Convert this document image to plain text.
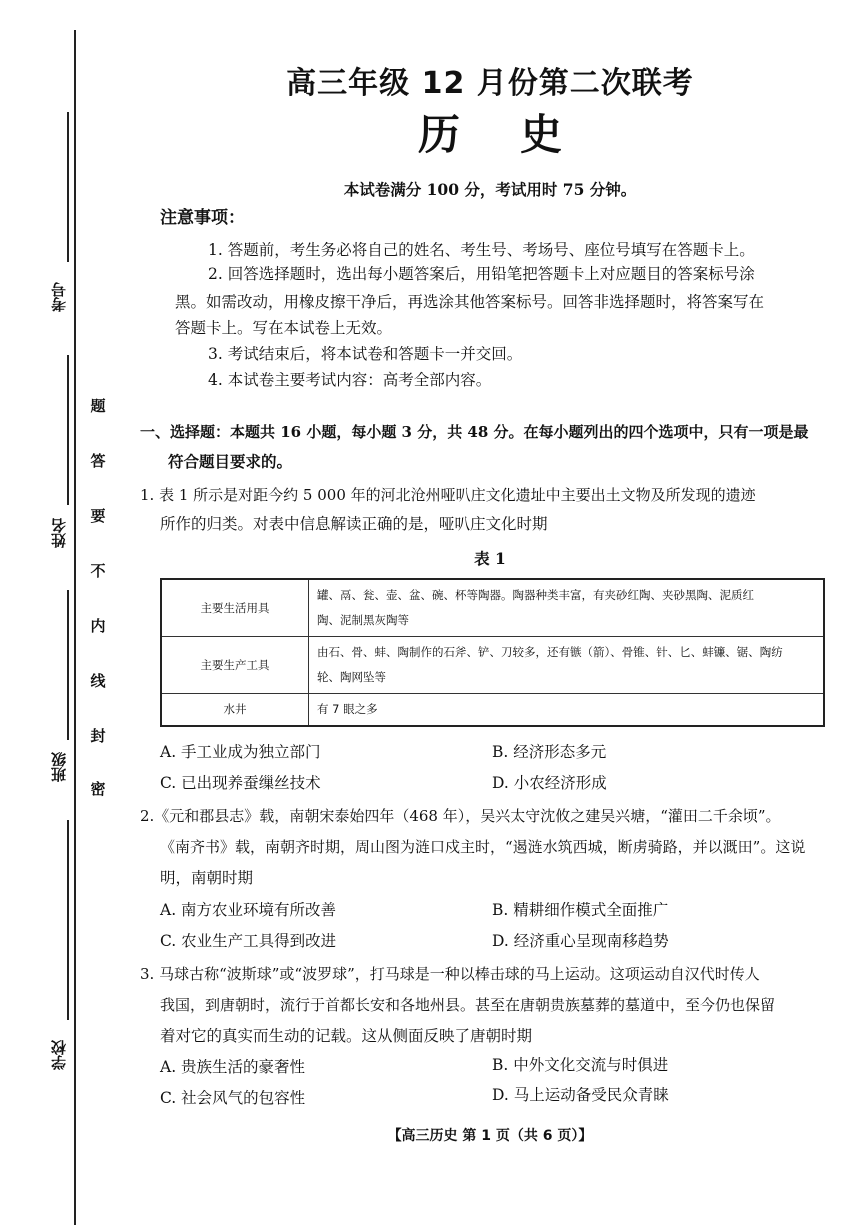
考号
姓名
班级
学校
题
答
要
不
内
线
封
密
高三年级 12 月份第二次联考
历史
本试卷满分 100 分，考试用时 75 分钟。
注意事项：
1. 答题前，考生务必将自己的姓名、考生号、考场号、座位号填写在答题卡上。
2. 回答选择题时，选出每小题答案后，用铅笔把答题卡上对应题目的答案标号涂
黑。如需改动，用橡皮擦干净后，再选涂其他答案标号。回答非选择题时，将答案写在
答题卡上。写在本试卷上无效。
3. 考试结束后，将本试卷和答题卡一并交回。
4. 本试卷主要考试内容：高考全部内容。
一、选择题：本题共 16 小题，每小题 3 分，共 48 分。在每小题列出的四个选项中，只有一项是最
符合题目要求的。
1. 表 1 所示是对距今约 5 000 年的河北沧州哑叭庄文化遗址中主要出土文物及所发现的遗迹
所作的归类。对表中信息解读正确的是，哑叭庄文化时期
表 1
主要生活用具	罐、鬲、瓮、壶、盆、碗、杯等陶器。陶器种类丰富，有夹砂红陶、夹砂黑陶、泥质红
陶、泥制黑灰陶等

主要生产工具	由石、骨、蚌、陶制作的石斧、铲、刀较多，还有镞（箭）、骨锥、针、匕、蚌镰、锯、陶纺
轮、陶网坠等

水井	有 7 眼之多
A. 手工业成为独立部门	B. 经济形态多元
C. 已出现养蚕缫丝技术	D. 小农经济形成
2.《元和郡县志》载，南朝宋泰始四年（468 年），吴兴太守沈攸之建吴兴塘，“灌田二千余顷”。
《南齐书》载，南朝齐时期，周山图为涟口戍主时，“遏涟水筑西城，断虏骑路，并以溉田”。这说
明，南朝时期
A. 南方农业环境有所改善	B. 精耕细作模式全面推广
C. 农业生产工具得到改进	D. 经济重心呈现南移趋势
3. 马球古称“波斯球”或“波罗球”，打马球是一种以棒击球的马上运动。这项运动自汉代时传人
我国，到唐朝时，流行于首都长安和各地州县。甚至在唐朝贵族墓葬的墓道中，至今仍也保留
着对它的真实而生动的记载。这从侧面反映了唐朝时期
A. 贵族生活的豪奢性	B. 中外文化交流与时俱进
C. 社会风气的包容性	D. 马上运动备受民众青睐
【高三历史 第 1 页（共 6 页）】
